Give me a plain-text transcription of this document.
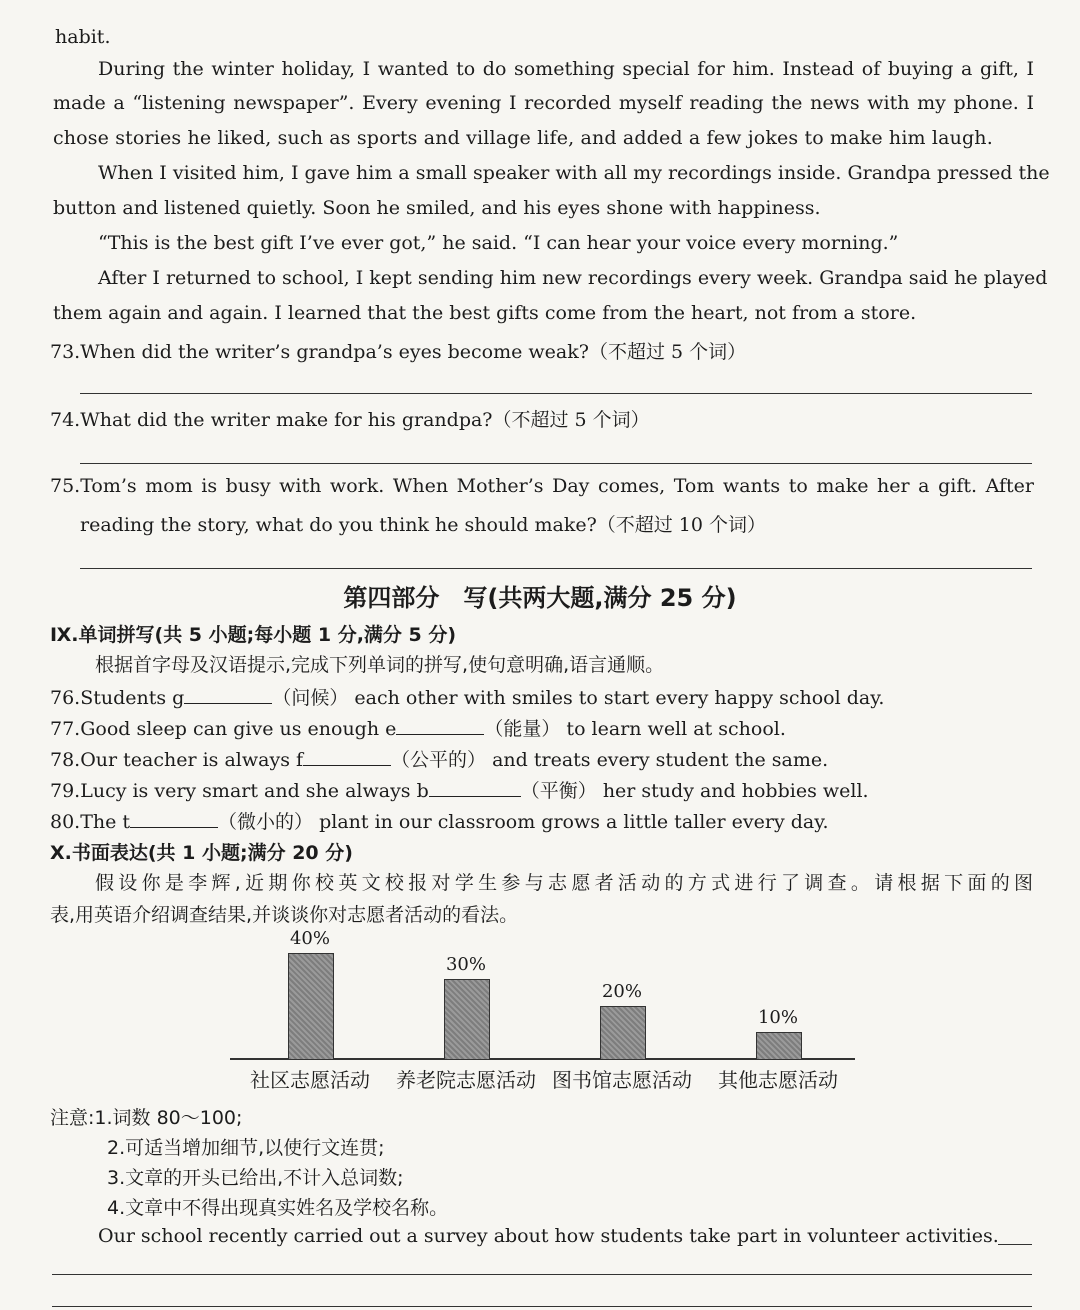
habit.
During the winter holiday, I wanted to do something special for him. Instead of buying a gift, I
made a “listening newspaper”. Every evening I recorded myself reading the news with my phone. I
chose stories he liked, such as sports and village life, and added a few jokes to make him laugh.
When I visited him, I gave him a small speaker with all my recordings inside. Grandpa pressed the
button and listened quietly. Soon he smiled, and his eyes shone with happiness.
“This is the best gift I’ve ever got,” he said. “I can hear your voice every morning.”
After I returned to school, I kept sending him new recordings every week. Grandpa said he played
them again and again. I learned that the best gifts come from the heart, not from a store.
73.When did the writer’s grandpa’s eyes become weak?（不超过 5 个词）
74.What did the writer make for his grandpa?（不超过 5 个词）
75.Tom’s mom is busy with work. When Mother’s Day comes, Tom wants to make her a gift. After
reading the story, what do you think he should make?（不超过 10 个词）
第四部分　写(共两大题,满分 25 分)
Ⅸ.单词拼写(共 5 小题;每小题 1 分,满分 5 分)
根据首字母及汉语提示,完成下列单词的拼写,使句意明确,语言通顺。
76.Students g	（问候） each other with smiles to start every happy school day.
77.Good sleep can give us enough e	（能量） to learn well at school.
78.Our teacher is always f	（公平的） and treats every student the same.
79.Lucy is very smart and she always b	（平衡） her study and hobbies well.
80.The t	（微小的） plant in our classroom grows a little taller every day.
X.书面表达(共 1 小题;满分 20 分)
假设你是李辉,近期你校英文校报对学生参与志愿者活动的方式进行了调查。请根据下面的图
表,用英语介绍调查结果,并谈谈你对志愿者活动的看法。
40%
30%
20%
10%
社区志愿活动	养老院志愿活动 图书馆志愿活动	其他志愿活动
注意:1.词数 80～100;
2.可适当增加细节,以使行文连贯;
3.文章的开头已给出,不计入总词数;
4.文章中不得出现真实姓名及学校名称。
Our school recently carried out a survey about how students take part in volunteer activities.
